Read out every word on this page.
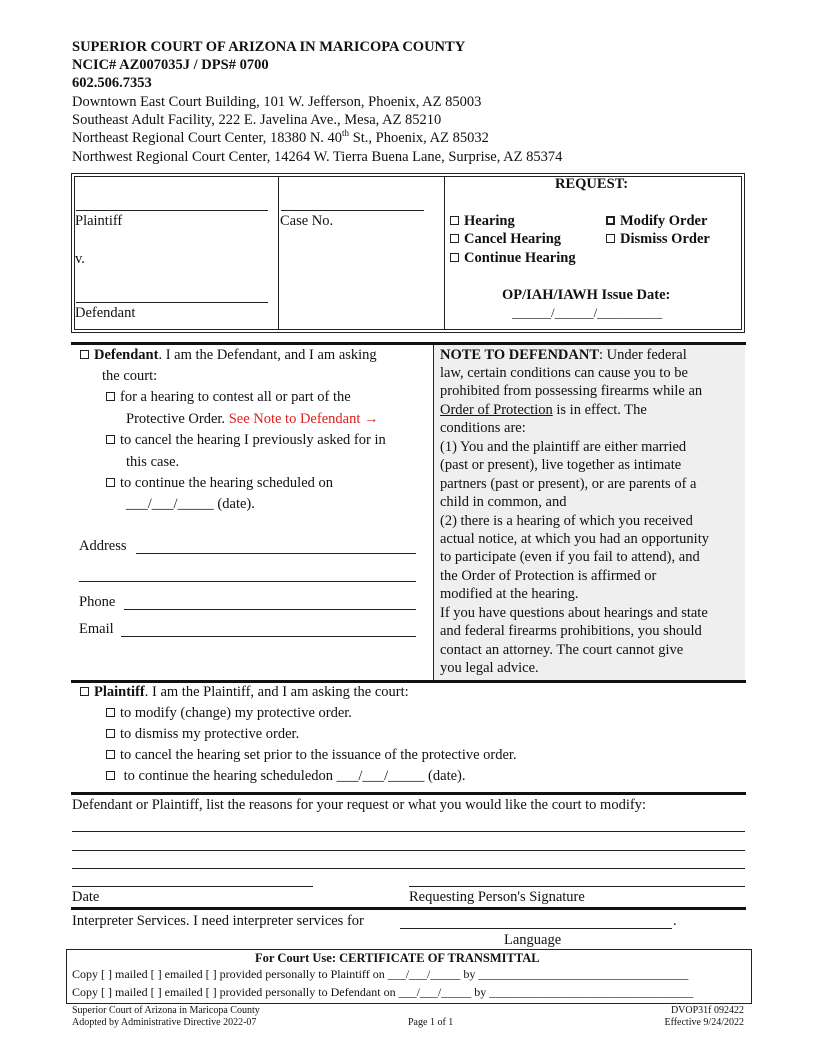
SUPERIOR COURT OF ARIZONA IN MARICOPA COUNTY
NCIC# AZ007035J / DPS# 0700
602.506.7353
Downtown East Court Building, 101 W. Jefferson, Phoenix, AZ 85003
Southeast Adult Facility, 222 E. Javelina Ave., Mesa, AZ 85210
Northeast Regional Court Center, 18380 N. 40th St., Phoenix, AZ 85032
Northwest Regional Court Center, 14264 W. Tierra Buena Lane, Surprise, AZ 85374
Plaintiff
v.
Defendant
Case No.
REQUEST:
Hearing
Cancel Hearing
Continue Hearing
Modify Order
Dismiss Order
OP/IAH/IAWH Issue Date:
______/______/__________
Defendant. I am the Defendant, and I am asking
the court:
for a hearing to contest all or part of the
Protective Order. See Note to Defendant →
to cancel the hearing I previously asked for in
this case.
to continue the hearing scheduled on
___/___/_____ (date).
Address
Phone
Email
NOTE TO DEFENDANT: Under federal
law, certain conditions can cause you to be
prohibited from possessing firearms while an
Order of Protection is in effect. The
conditions are:
(1) You and the plaintiff are either married
(past or present), live together as intimate
partners (past or present), or are parents of a
child in common, and
(2) there is a hearing of which you received
actual notice, at which you had an opportunity
to participate (even if you fail to attend), and
the Order of Protection is affirmed or
modified at the hearing.
If you have questions about hearings and state
and federal firearms prohibitions, you should
contact an attorney. The court cannot give
you legal advice.
Plaintiff. I am the Plaintiff, and I am asking the court:
to modify (change) my protective order.
to dismiss my protective order.
to cancel the hearing set prior to the issuance of the protective order.
to continue the hearing scheduledon ___/___/_____ (date).
Defendant or Plaintiff, list the reasons for your request or what you would like the court to modify:
Date	Requesting Person's Signature
Interpreter Services. I need interpreter services for	.
Language
For Court Use: CERTIFICATE OF TRANSMITTAL
Copy [ ] mailed [ ] emailed [ ] provided personally to Plaintiff on ___/___/_____ by ___________________________________
Copy [ ] mailed [ ] emailed [ ] provided personally to Defendant on ___/___/_____ by __________________________________
Superior Court of Arizona in Maricopa County
Adopted by Administrative Directive 2022-07	Page 1 of 1
DVOP31f 092422
Effective 9/24/2022
